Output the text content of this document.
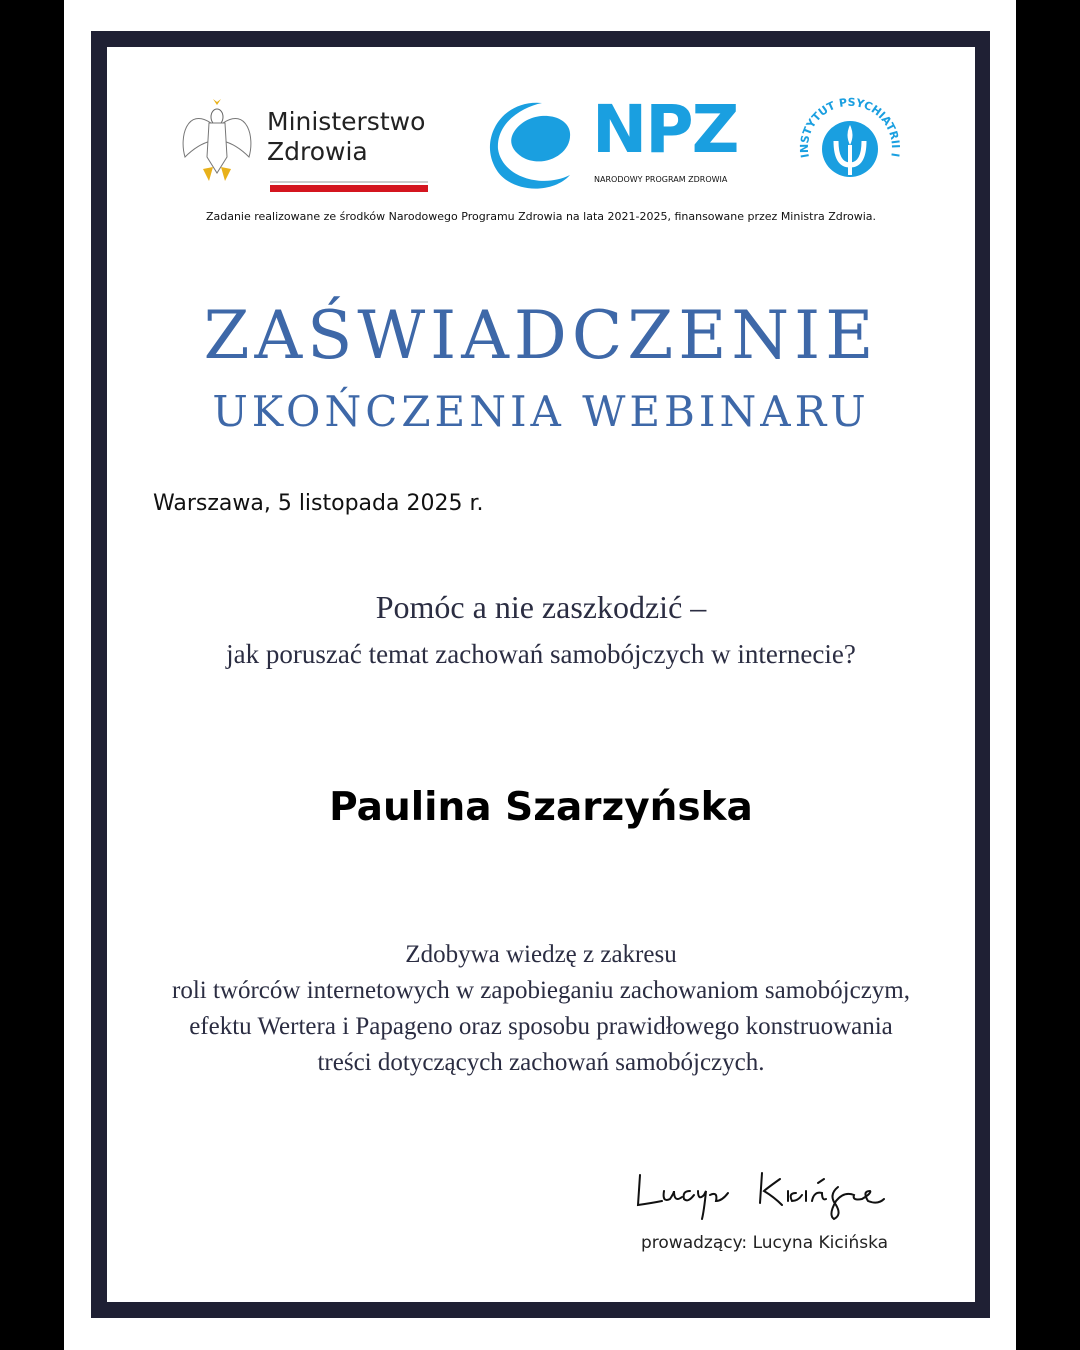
Ministerstwo
Zdrowia	NPZ
NARODOWY PROGRAM ZDROWIA
INSTYTUT PSYCHIATRII I
Zadanie realizowane ze środków Narodowego Programu Zdrowia na lata 2021-2025, finansowane przez Ministra Zdrowia.
ZAŚWIADCZENIE
UKOŃCZENIA WEBINARU
Warszawa, 5 listopada 2025 r.
Pomóc a nie zaszkodzić –
jak poruszać temat zachowań samobójczych w internecie?
Paulina Szarzyńska
Zdobywa wiedzę z zakresu
roli twórców internetowych w zapobieganiu zachowaniom samobójczym,
efektu Wertera i Papageno oraz sposobu prawidłowego konstruowania
treści dotyczących zachowań samobójczych.
prowadzący: Lucyna Kicińska
